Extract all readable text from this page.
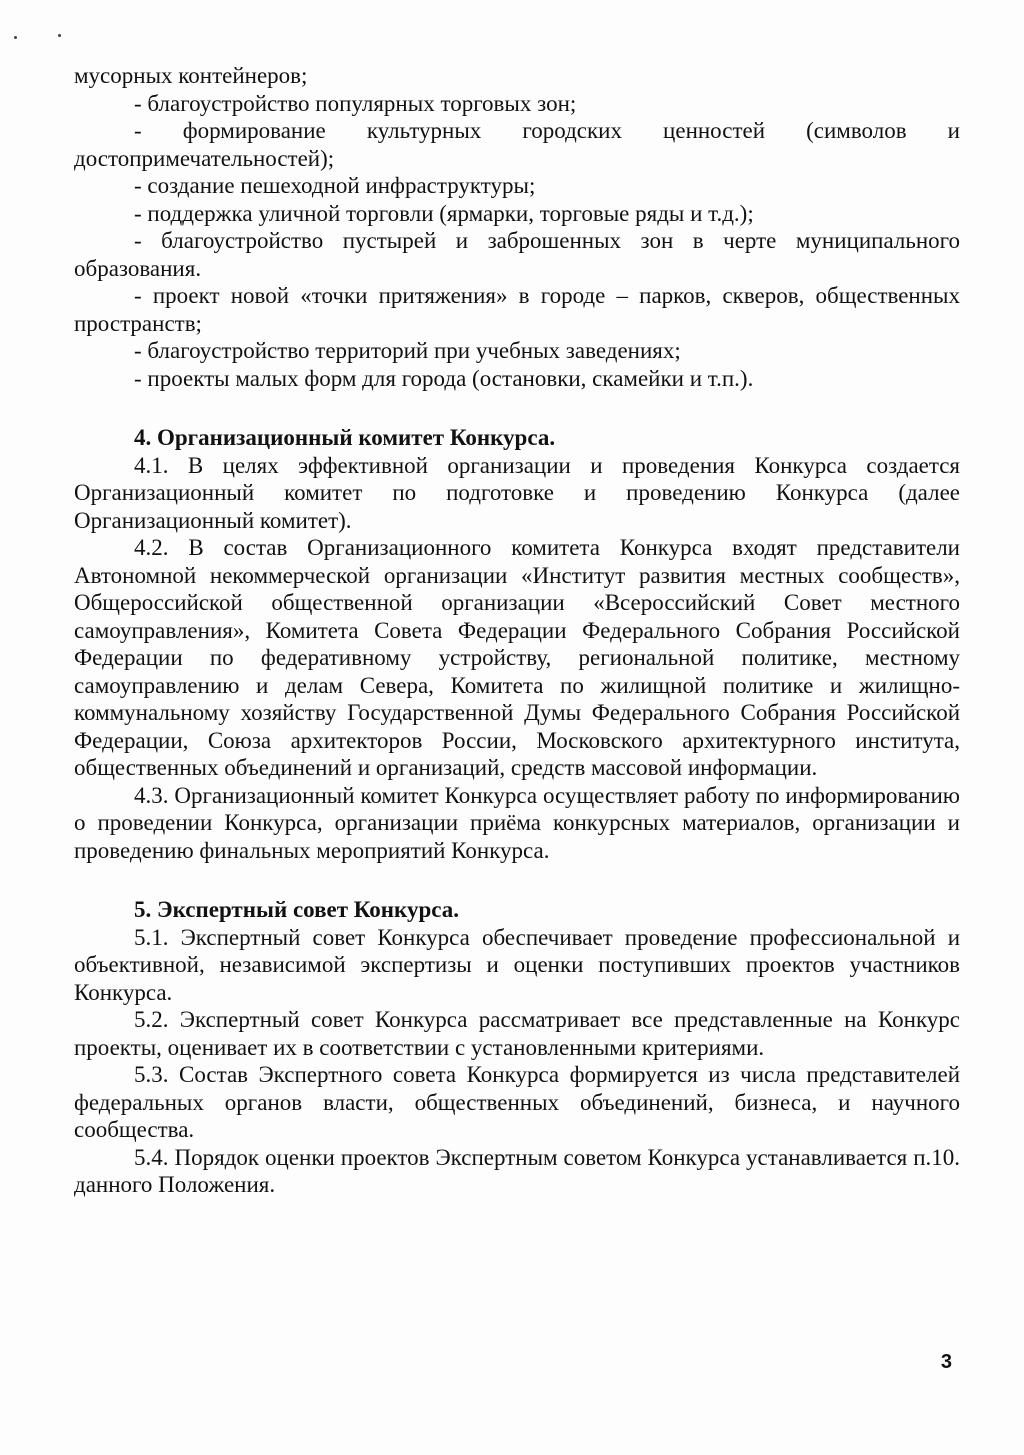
мусорных контейнеров;

- благоустройство популярных торговых зон;

- формирование культурных городских ценностей (символов и достопримечательностей);

- создание пешеходной инфраструктуры;

- поддержка уличной торговли (ярмарки, торговые ряды и т.д.);

- благоустройство пустырей и заброшенных зон в черте муниципального образования.

- проект новой «точки притяжения» в городе – парков, скверов, общественных пространств;

- благоустройство территорий при учебных заведениях;

- проекты малых форм для города (остановки, скамейки и т.п.).

4. Организационный комитет Конкурса.

4.1. В целях эффективной организации и проведения Конкурса создается Организационный комитет по подготовке и проведению Конкурса (далее Организационный комитет).

4.2. В состав Организационного комитета Конкурса входят представители Автономной некоммерческой организации «Институт развития местных сообществ», Общероссийской общественной организации «Всероссийский Совет местного самоуправления», Комитета Совета Федерации Федерального Собрания Российской Федерации по федеративному устройству, региональной политике, местному самоуправлению и делам Севера, Комитета по жилищной политике и жилищно-коммунальному хозяйству Государственной Думы Федерального Собрания Российской Федерации, Союза архитекторов России, Московского архитектурного института, общественных объединений и организаций, средств массовой информации.

4.3. Организационный комитет Конкурса осуществляет работу по информированию о проведении Конкурса, организации приёма конкурсных материалов, организации и проведению финальных мероприятий Конкурса.

5. Экспертный совет Конкурса.

5.1. Экспертный совет Конкурса обеспечивает проведение профессиональной и объективной, независимой экспертизы и оценки поступивших проектов участников Конкурса.

5.2. Экспертный совет Конкурса рассматривает все представленные на Конкурс проекты, оценивает их в соответствии с установленными критериями.

5.3. Состав Экспертного совета Конкурса формируется из числа представителей федеральных органов власти, общественных объединений, бизнеса, и научного сообщества.

5.4. Порядок оценки проектов Экспертным советом Конкурса устанавливается п.10. данного Положения.

3
